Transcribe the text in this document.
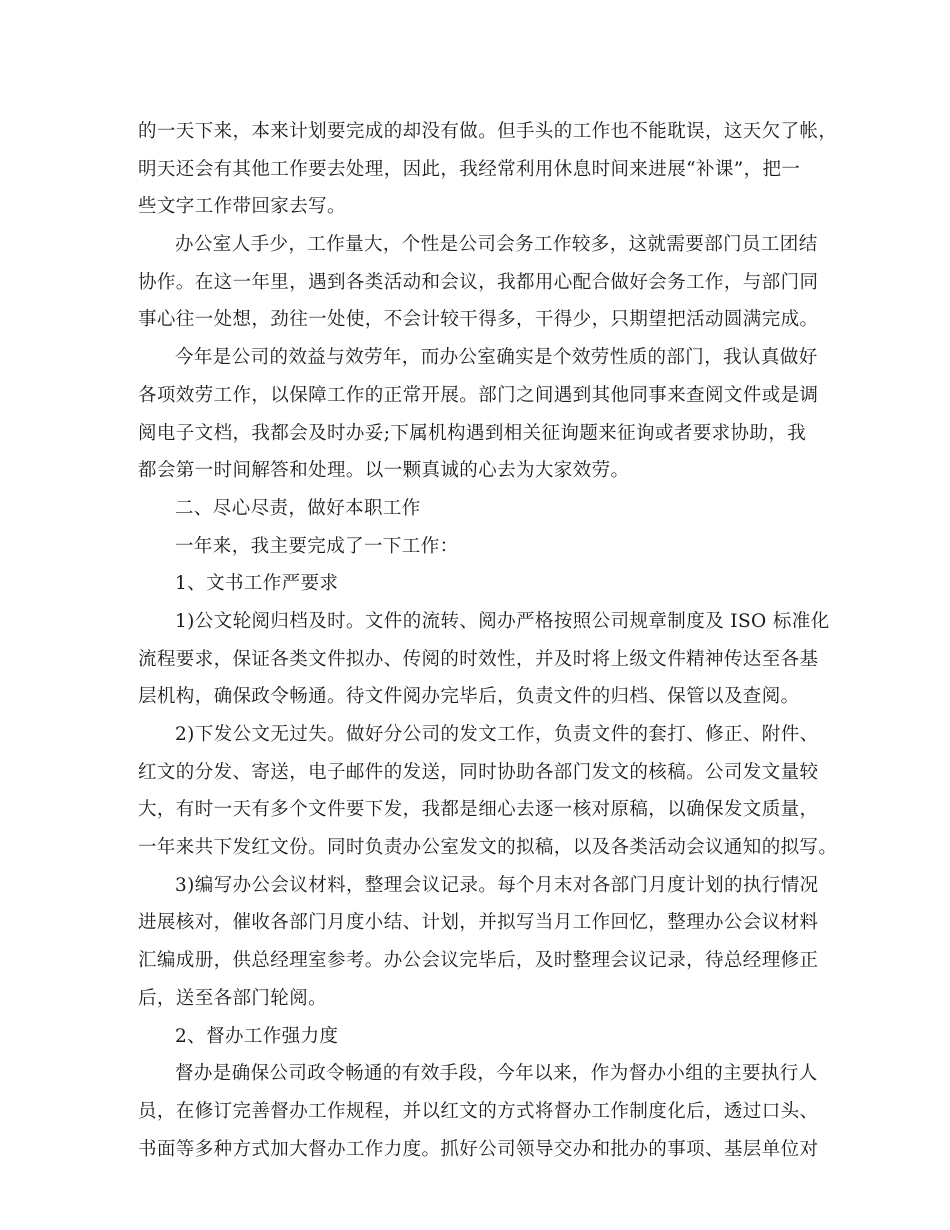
的一天下来，本来计划要完成的却没有做。但手头的工作也不能耽误，这天欠了帐，
明天还会有其他工作要去处理，因此，我经常利用休息时间来进展“补课”，把一
些文字工作带回家去写。
办公室人手少，工作量大，个性是公司会务工作较多，这就需要部门员工团结
协作。在这一年里，遇到各类活动和会议，我都用心配合做好会务工作，与部门同
事心往一处想，劲往一处使，不会计较干得多，干得少，只期望把活动圆满完成。
今年是公司的效益与效劳年，而办公室确实是个效劳性质的部门，我认真做好
各项效劳工作，以保障工作的正常开展。部门之间遇到其他同事来查阅文件或是调
阅电子文档，我都会及时办妥;下属机构遇到相关征询题来征询或者要求协助，我
都会第一时间解答和处理。以一颗真诚的心去为大家效劳。
二、尽心尽责，做好本职工作
一年来，我主要完成了一下工作：
1、文书工作严要求
1)公文轮阅归档及时。文件的流转、阅办严格按照公司规章制度及 ISO 标准化
流程要求，保证各类文件拟办、传阅的时效性，并及时将上级文件精神传达至各基
层机构，确保政令畅通。待文件阅办完毕后，负责文件的归档、保管以及查阅。
2)下发公文无过失。做好分公司的发文工作，负责文件的套打、修正、附件、
红文的分发、寄送，电子邮件的发送，同时协助各部门发文的核稿。公司发文量较
大，有时一天有多个文件要下发，我都是细心去逐一核对原稿，以确保发文质量，
一年来共下发红文份。同时负责办公室发文的拟稿，以及各类活动会议通知的拟写。
3)编写办公会议材料，整理会议记录。每个月末对各部门月度计划的执行情况
进展核对，催收各部门月度小结、计划，并拟写当月工作回忆，整理办公会议材料
汇编成册，供总经理室参考。办公会议完毕后，及时整理会议记录，待总经理修正
后，送至各部门轮阅。
2、督办工作强力度
督办是确保公司政令畅通的有效手段，今年以来，作为督办小组的主要执行人
员，在修订完善督办工作规程，并以红文的方式将督办工作制度化后，透过口头、
书面等多种方式加大督办工作力度。抓好公司领导交办和批办的事项、基层单位对
